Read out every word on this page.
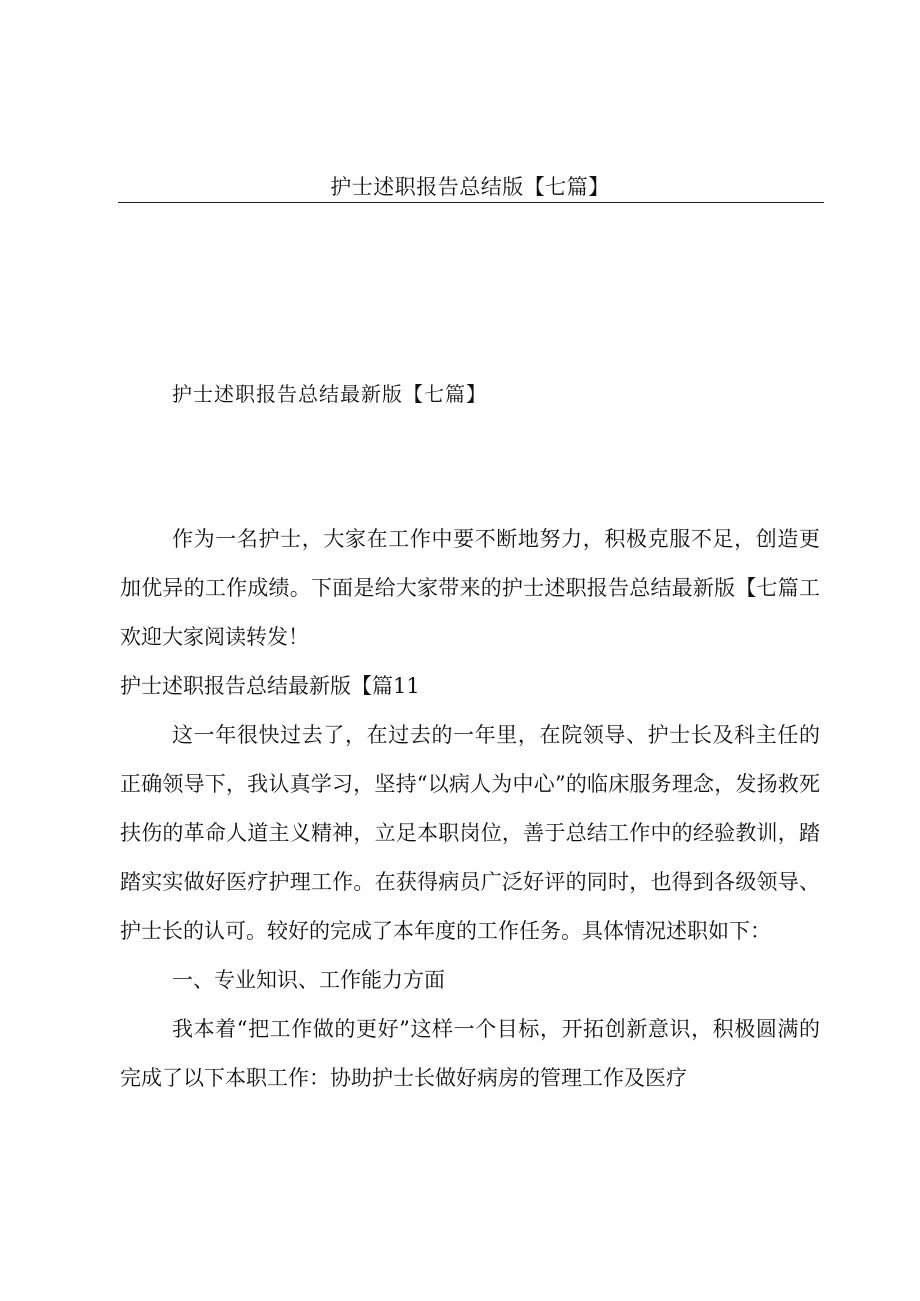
护士述职报告总结版【七篇】
护士述职报告总结最新版【七篇】

作为一名护士，大家在工作中要不断地努力，积极克服不足，创造更加优异的工作成绩。下面是给大家带来的护士述职报告总结最新版【七篇工欢迎大家阅读转发！

护士述职报告总结最新版【篇11

这一年很快过去了，在过去的一年里，在院领导、护士长及科主任的正确领导下，我认真学习，坚持“以病人为中心”的临床服务理念，发扬救死扶伤的革命人道主义精神，立足本职岗位，善于总结工作中的经验教训，踏踏实实做好医疗护理工作。在获得病员广泛好评的同时，也得到各级领导、护士长的认可。较好的完成了本年度的工作任务。具体情况述职如下：

一、专业知识、工作能力方面

我本着“把工作做的更好”这样一个目标，开拓创新意识，积极圆满的完成了以下本职工作：协助护士长做好病房的管理工作及医疗
